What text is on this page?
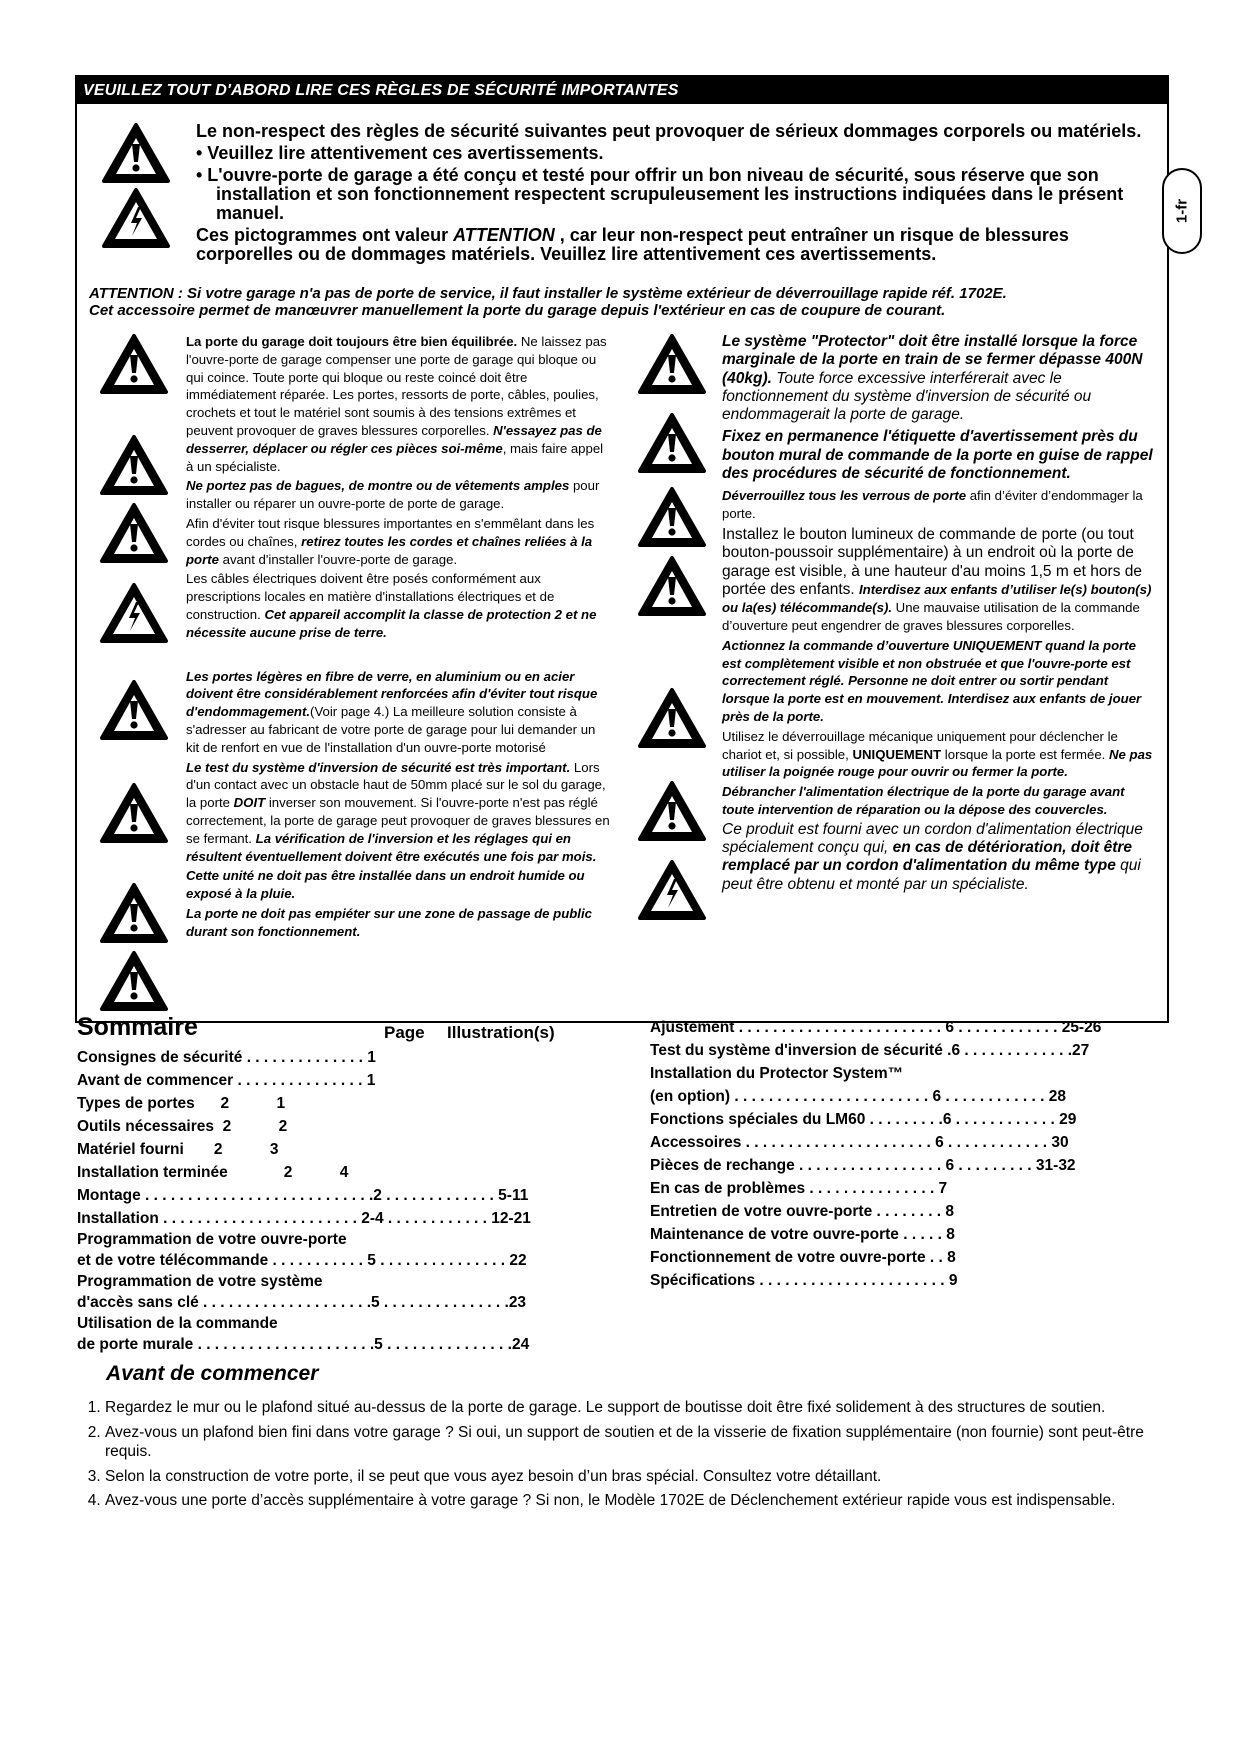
VEUILLEZ TOUT D'ABORD LIRE CES RÈGLES DE SÉCURITÉ IMPORTANTES
1-fr

Le non-respect des règles de sécurité suivantes peut provoquer de sérieux dommages corporels ou matériels.

• Veuillez lire attentivement ces avertissements.

• L'ouvre-porte de garage a été conçu et testé pour offrir un bon niveau de sécurité, sous réserve que son installation et son fonctionnement respectent scrupuleusement les instructions indiquées dans le présent manuel.

Ces pictogrammes ont valeur ATTENTION , car leur non-respect peut entraîner un risque de blessures corporelles ou de dommages matériels. Veuillez lire attentivement ces avertissements.

ATTENTION : Si votre garage n'a pas de porte de service, il faut installer le système extérieur de déverrouillage rapide réf. 1702E.
Cet accessoire permet de manœuvrer manuellement la porte du garage depuis l'extérieur en cas de coupure de courant.

La porte du garage doit toujours être bien équilibrée. Ne laissez pas l'ouvre-porte de garage compenser une porte de garage qui bloque ou qui coince. Toute porte qui bloque ou reste coincé doit être immédiatement réparée. Les portes, ressorts de porte, câbles, poulies, crochets et tout le matériel sont soumis à des tensions extrêmes et peuvent provoquer de graves blessures corporelles. N'essayez pas de desserrer, déplacer ou régler ces pièces soi-même, mais faire appel à un spécialiste.

Ne portez pas de bagues, de montre ou de vêtements amples pour installer ou réparer un ouvre-porte de porte de garage.

Afin d'éviter tout risque blessures importantes en s'emmêlant dans les cordes ou chaînes, retirez toutes les cordes et chaînes reliées à la porte avant d'installer l'ouvre-porte de garage.

Les câbles électriques doivent être posés conformément aux prescriptions locales en matière d'installations électriques et de construction. Cet appareil accomplit la classe de protection 2 et ne nécessite aucune prise de terre.

Les portes légères en fibre de verre, en aluminium ou en acier doivent être considérablement renforcées afin d'éviter tout risque d'endommagement.(Voir page 4.) La meilleure solution consiste à s'adresser au fabricant de votre porte de garage pour lui demander un kit de renfort en vue de l'installation d'un ouvre-porte motorisé

Le test du système d'inversion de sécurité est très important. Lors d'un contact avec un obstacle haut de 50mm placé sur le sol du garage, la porte DOIT inverser son mouvement. Si l'ouvre-porte n'est pas réglé correctement, la porte de garage peut provoquer de graves blessures en se fermant. La vérification de l'inversion et les réglages qui en résultent éventuellement doivent être exécutés une fois par mois.

Cette unité ne doit pas être installée dans un endroit humide ou exposé à la pluie.

La porte ne doit pas empiéter sur une zone de passage de public durant son fonctionnement.

Le système "Protector" doit être installé lorsque la force marginale de la porte en train de se fermer dépasse 400N (40kg). Toute force excessive interférerait avec le fonctionnement du système d'inversion de sécurité ou endommagerait la porte de garage.

Fixez en permanence l'étiquette d'avertissement près du bouton mural de commande de la porte en guise de rappel des procédures de sécurité de fonctionnement.

Déverrouillez tous les verrous de porte afin d’éviter d’endommager la porte.

Installez le bouton lumineux de commande de porte (ou tout bouton-poussoir supplémentaire) à un endroit où la porte de garage est visible, à une hauteur d'au moins 1,5 m et hors de portée des enfants. Interdisez aux enfants d’utiliser le(s) bouton(s) ou la(es) télécommande(s). Une mauvaise utilisation de la commande d’ouverture peut engendrer de graves blessures corporelles.

Actionnez la commande d’ouverture UNIQUEMENT quand la porte est complètement visible et non obstruée et que l'ouvre-porte est correctement réglé. Personne ne doit entrer ou sortir pendant lorsque la porte est en mouvement. Interdisez aux enfants de jouer près de la porte.

Utilisez le déverrouillage mécanique uniquement pour déclencher le chariot et, si possible, UNIQUEMENT lorsque la porte est fermée. Ne pas utiliser la poignée rouge pour ouvrir ou fermer la porte.

Débrancher l'alimentation électrique de la porte du garage avant toute intervention de réparation ou la dépose des couvercles.

Ce produit est fourni avec un cordon d'alimentation électrique spécialement conçu qui, en cas de détérioration, doit être remplacé par un cordon d'alimentation du même type qui peut être obtenu et monté par un spécialiste.

Sommaire	Page Illustration(s)
Consignes de sécurité . . . . . . . . . . . . . . 1
Avant de commencer . . . . . . . . . . . . . . . 1
Types de portes      2           1
Outils nécessaires  2           2
Matériel fourni       2           3
Installation terminée             2           4
Montage . . . . . . . . . . . . . . . . . . . . . . . . . . .2 . . . . . . . . . . . . . 5-11
Installation . . . . . . . . . . . . . . . . . . . . . . . 2-4 . . . . . . . . . . . . 12-21
Programmation de votre ouvre-porte
et de votre télécommande . . . . . . . . . . . 5 . . . . . . . . . . . . . . . 22
Programmation de votre système
d'accès sans clé . . . . . . . . . . . . . . . . . . . .5 . . . . . . . . . . . . . . .23
Utilisation de la commande
de porte murale . . . . . . . . . . . . . . . . . . . . .5 . . . . . . . . . . . . . . .24
Ajustement . . . . . . . . . . . . . . . . . . . . . . . . 6 . . . . . . . . . . . . 25-26
Test du système d'inversion de sécurité .6 . . . . . . . . . . . . .27
Installation du Protector System™
(en option) . . . . . . . . . . . . . . . . . . . . . . . 6 . . . . . . . . . . . . 28
Fonctions spéciales du LM60 . . . . . . . . .6 . . . . . . . . . . . . 29
Accessoires . . . . . . . . . . . . . . . . . . . . . . 6 . . . . . . . . . . . . 30
Pièces de rechange . . . . . . . . . . . . . . . . . 6 . . . . . . . . . 31-32
En cas de problèmes . . . . . . . . . . . . . . . 7
Entretien de votre ouvre-porte . . . . . . . . 8
Maintenance de votre ouvre-porte . . . . . 8
Fonctionnement de votre ouvre-porte . . 8
Spécifications . . . . . . . . . . . . . . . . . . . . . . 9
Avant de commencer
1. Regardez le mur ou le plafond situé au-dessus de la porte de garage. Le support de boutisse doit être fixé solidement à des structures de soutien.
2. Avez-vous un plafond bien fini dans votre garage ? Si oui, un support de soutien et de la visserie de fixation supplémentaire (non fournie) sont peut-être requis.
3. Selon la construction de votre porte, il se peut que vous ayez besoin d’un bras spécial. Consultez votre détaillant.
4. Avez-vous une porte d’accès supplémentaire à votre garage ? Si non, le Modèle 1702E de Déclenchement extérieur rapide vous est indispensable.
